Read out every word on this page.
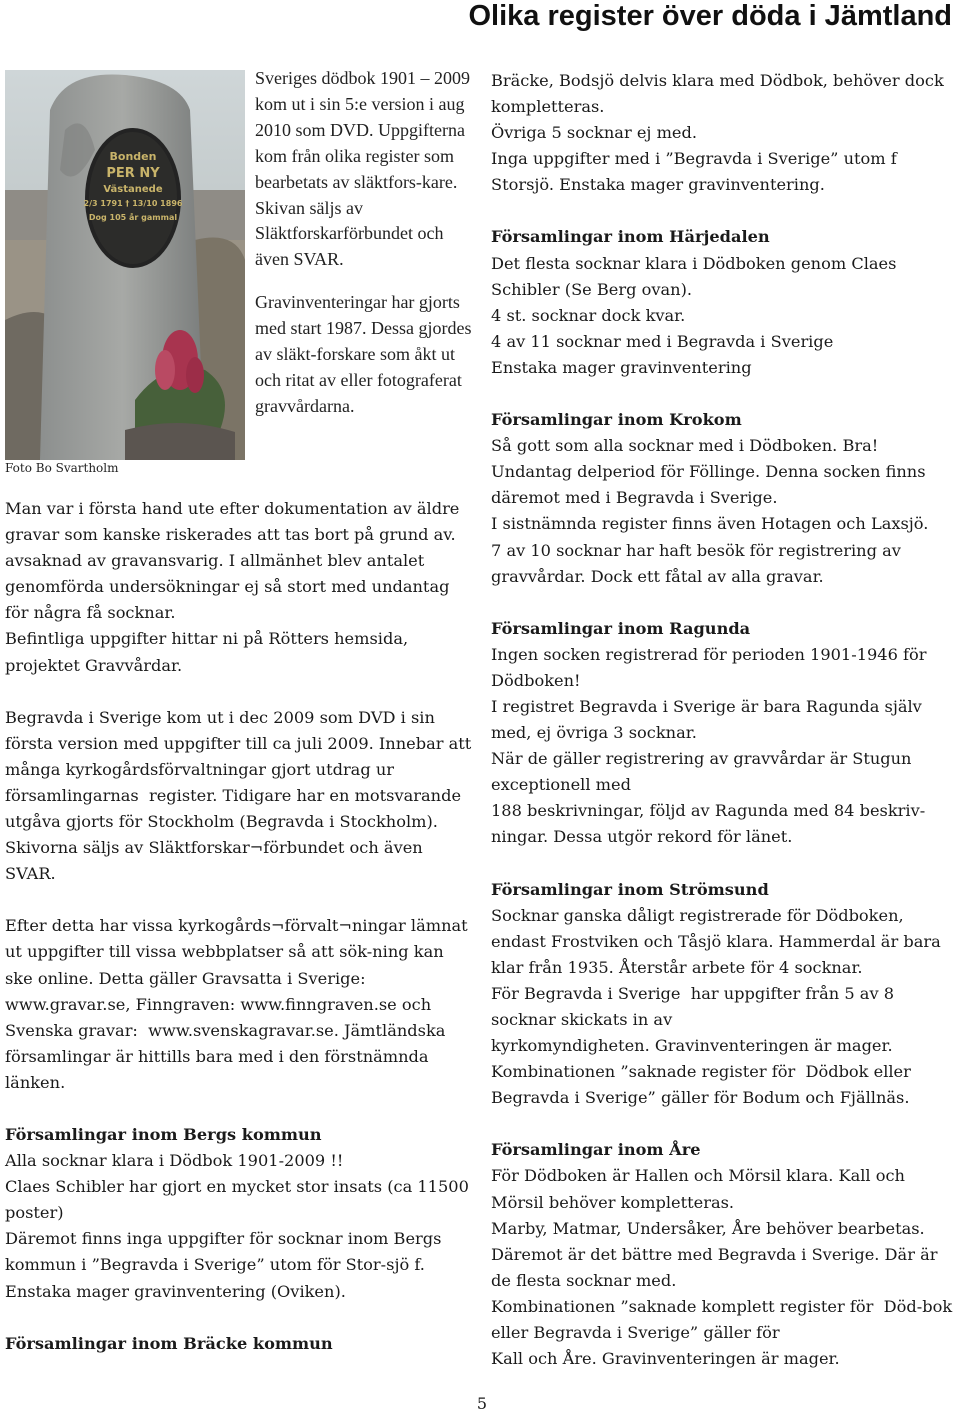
Olika register över döda i Jämtland
Bonden
PER NY
Västanede
2/3 1791 † 13/10 1896
Dog 105 år gammal
Foto Bo Svartholm

Sveriges dödbok 1901 – 2009 kom ut i sin 5:e version i aug 2010 som DVD. Uppgifterna kom från olika register som bearbetats av släktfors-kare. Skivan säljs av Släktforskarförbundet och även SVAR.

Gravinventeringar har gjorts med start 1987. Dessa gjordes av släkt-forskare som åkt ut och ritat av eller fotograferat gravvårdarna.

Man var i första hand ute efter dokumentation av äldre gravar som kanske riskerades att tas bort på grund av. avsaknad av gravansvarig. I allmänhet blev antalet genomförda undersökningar ej så stort med undantag för några få socknar.

Befintliga uppgifter hittar ni på Rötters hemsida, projektet Gravvårdar.

Begravda i Sverige kom ut i dec 2009 som DVD i sin första version med uppgifter till ca juli 2009. Innebar att många kyrkogårdsförvaltningar gjort utdrag ur församlingarnas  register. Tidigare har en motsvarande utgåva gjorts för Stockholm (Begravda i Stockholm). Skivorna säljs av Släktforskar¬förbundet och även SVAR.

Efter detta har vissa kyrkogårds¬förvalt¬ningar lämnat ut uppgifter till vissa webbplatser så att sök-ning kan ske online. Detta gäller Gravsatta i Sverige: www.gravar.se, Finngraven: www.finngraven.se och Svenska gravar:  www.svenskagravar.se. Jämtländska församlingar är hittills bara med i den förstnämnda länken.

Församlingar inom Bergs kommun

Alla socknar klara i Dödbok 1901-2009 !!

Claes Schibler har gjort en mycket stor insats (ca 11500 poster)

Däremot finns inga uppgifter för socknar inom Bergs kommun i ”Begravda i Sverige” utom för Stor-sjö f. Enstaka mager gravinventering (Oviken).

Församlingar inom Bräcke kommun

Bräcke, Bodsjö delvis klara med Dödbok, behöver dock kompletteras.

Övriga 5 socknar ej med.

Inga uppgifter med i ”Begravda i Sverige” utom f Storsjö. Enstaka mager gravinventering.

Församlingar inom Härjedalen

Det flesta socknar klara i Dödboken genom Claes Schibler (Se Berg ovan).

4 st. socknar dock kvar.

4 av 11 socknar med i Begravda i Sverige

Enstaka mager gravinventering

Församlingar inom Krokom

Så gott som alla socknar med i Dödboken. Bra! Undantag delperiod för Föllinge. Denna socken finns däremot med i Begravda i Sverige.

I sistnämnda register finns även Hotagen och Laxsjö.

7 av 10 socknar har haft besök för registrering av gravvårdar. Dock ett fåtal av alla gravar.

Församlingar inom Ragunda

Ingen socken registrerad för perioden 1901-1946 för Dödboken!

I registret Begravda i Sverige är bara Ragunda själv med, ej övriga 3 socknar.

När de gäller registrering av gravvårdar är Stugun exceptionell med

188 beskrivningar, följd av Ragunda med 84 beskriv-ningar. Dessa utgör rekord för länet.

Församlingar inom Strömsund

Socknar ganska dåligt registrerade för Dödboken, endast Frostviken och Tåsjö klara. Hammerdal är bara klar från 1935. Återstår arbete för 4 socknar.

För Begravda i Sverige  har uppgifter från 5 av 8 socknar skickats in av

kyrkomyndigheten. Gravinventeringen är mager.

Kombinationen ”saknade register för  Dödbok eller Begravda i Sverige” gäller för Bodum och Fjällnäs.

Församlingar inom Åre

För Dödboken är Hallen och Mörsil klara. Kall och Mörsil behöver kompletteras.

Marby, Matmar, Undersåker, Åre behöver bearbetas.

Däremot är det bättre med Begravda i Sverige. Där är de flesta socknar med.

Kombinationen ”saknade komplett register för  Död-bok eller Begravda i Sverige” gäller för

Kall och Åre. Gravinventeringen är mager.

5
